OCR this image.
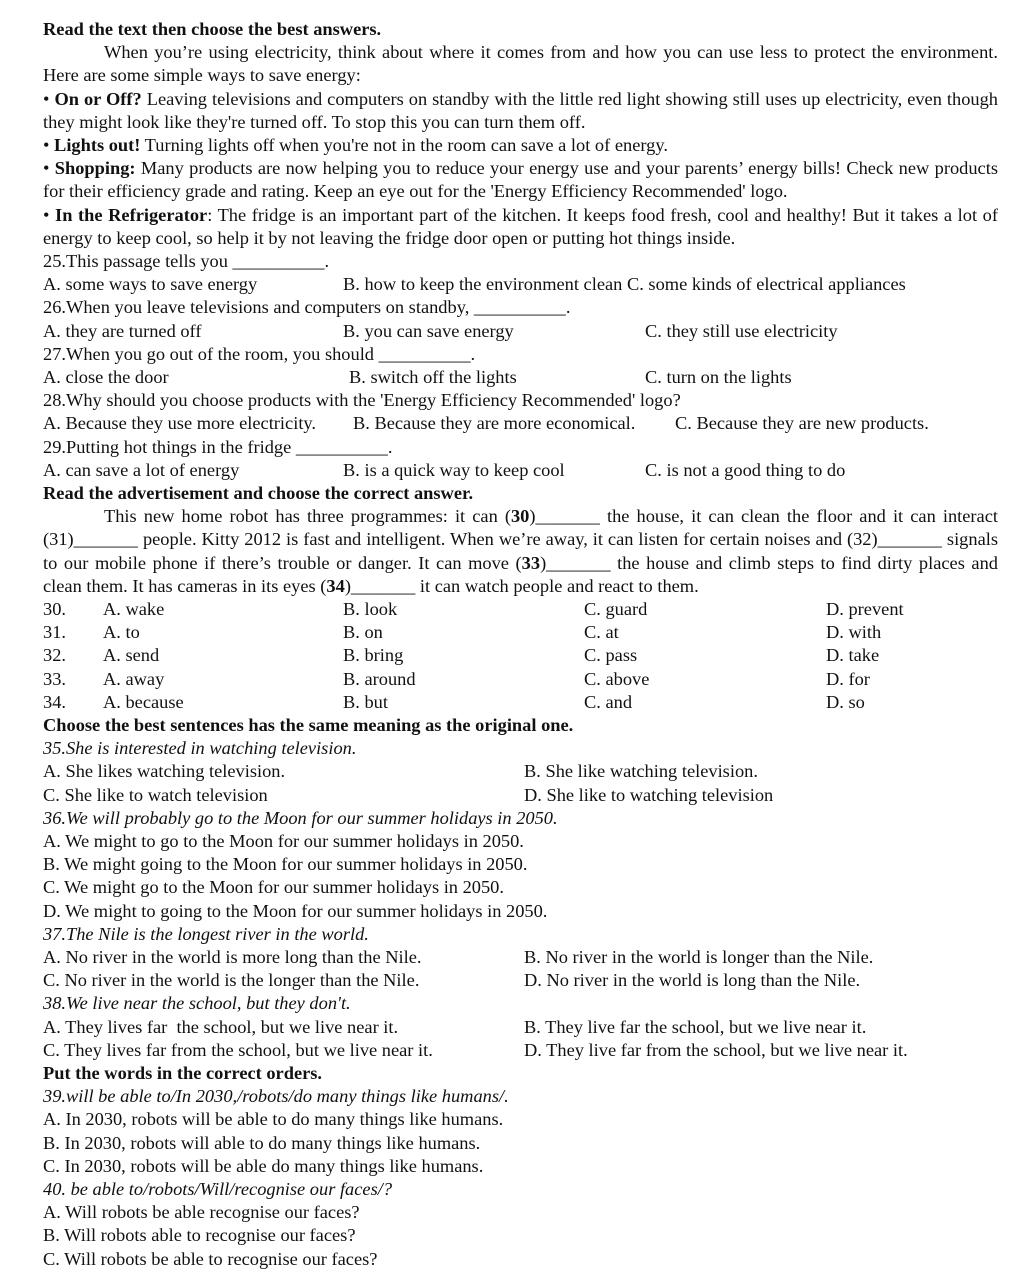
Read the text then choose the best answers.
When you’re using electricity, think about where it comes from and how you can use less to protect the environment. Here are some simple ways to save energy:
• On or Off? Leaving televisions and computers on standby with the little red light showing still uses up electricity, even though they might look like they're turned off. To stop this you can turn them off.
• Lights out! Turning lights off when you're not in the room can save a lot of energy.
• Shopping: Many products are now helping you to reduce your energy use and your parents’ energy bills! Check new products for their efficiency grade and rating. Keep an eye out for the 'Energy Efficiency Recommended' logo.
• In the Refrigerator: The fridge is an important part of the kitchen. It keeps food fresh, cool and healthy! But it takes a lot of energy to keep cool, so help it by not leaving the fridge door open or putting hot things inside.
25.This passage tells you __________.
A. some ways to save energy	B. how to keep the environment clean C. some kinds of electrical appliances
26.When you leave televisions and computers on standby, __________.
A. they are turned off	B. you can save energy	C. they still use electricity
27.When you go out of the room, you should __________.
A. close the door	B. switch off the lights	C. turn on the lights
28.Why should you choose products with the 'Energy Efficiency Recommended' logo?
A. Because they use more electricity. B. Because they are more economical. C. Because they are new products.
29.Putting hot things in the fridge __________.
A. can save a lot of energy	B. is a quick way to keep cool	C. is not a good thing to do
Read the advertisement and choose the correct answer.
This new home robot has three programmes: it can (30)_______ the house, it can clean the floor and it can interact (31)_______ people. Kitty 2012 is fast and intelligent. When we’re away, it can listen for certain noises and (32)_______ signals to our mobile phone if there’s trouble or danger. It can move (33)_______ the house and climb steps to find dirty places and clean them. It has cameras in its eyes (34)_______ it can watch people and react to them.
30. A. wake	B. look	C. guard	D. prevent
31. A. to	B. on	C. at	D. with
32. A. send	B. bring	C. pass	D. take
33. A. away	B. around	C. above	D. for
34. A. because	B. but	C. and	D. so
Choose the best sentences has the same meaning as the original one.
35.She is interested in watching television.
A. She likes watching television.	B. She like watching television.
C. She like to watch television	D. She like to watching television
36.We will probably go to the Moon for our summer holidays in 2050.
A. We might to go to the Moon for our summer holidays in 2050.
B. We might going to the Moon for our summer holidays in 2050.
C. We might go to the Moon for our summer holidays in 2050.
D. We might to going to the Moon for our summer holidays in 2050.
37.The Nile is the longest river in the world.
A. No river in the world is more long than the Nile.	B. No river in the world is longer than the Nile.
C. No river in the world is the longer than the Nile.	D. No river in the world is long than the Nile.
38.We live near the school, but they don't.
A. They lives far  the school, but we live near it.	B. They live far the school, but we live near it.
C. They lives far from the school, but we live near it.	D. They live far from the school, but we live near it.
Put the words in the correct orders.
39.will be able to/In 2030,/robots/do many things like humans/.
A. In 2030, robots will be able to do many things like humans.
B. In 2030, robots will able to do many things like humans.
C. In 2030, robots will be able do many things like humans.
40. be able to/robots/Will/recognise our faces/?
A. Will robots be able recognise our faces?
B. Will robots able to recognise our faces?
C. Will robots be able to recognise our faces?
